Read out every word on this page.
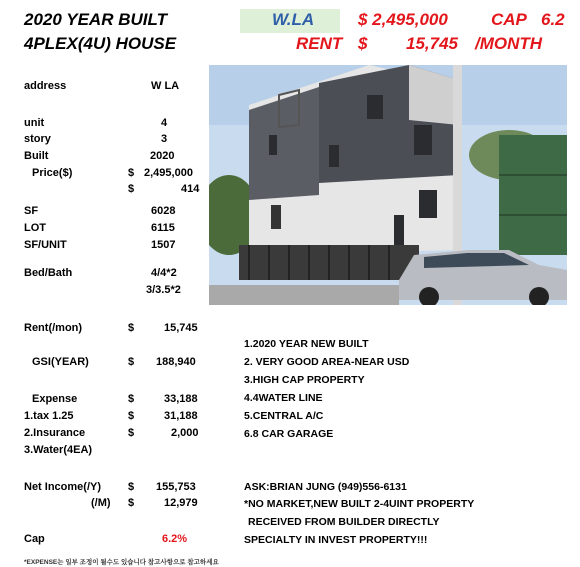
2020 YEAR BUILT
4PLEX(4U) HOUSE
W.LA	$ 2,495,000	CAP 6.2
RENT $ 15,745 /MONTH
address	W LA
unit	4
story	3
Built	2020
Price($)	$ 2,495,000
$	414
SF	6028
LOT	6115
SF/UNIT	1507
Bed/Bath	4/4*2
3/3.5*2
Rent(/mon)	$	15,745
GSI(YEAR)	$ 188,940
Expense	$	33,188
1.tax 1.25	$	31,188
2.Insurance	$	2,000
3.Water(4EA)
Net Income(/Y) $ 155,753
(/M) $	12,979
Cap	6.2%
1.2020 YEAR NEW BUILT
2. VERY GOOD AREA-NEAR USD
3.HIGH CAP PROPERTY
4.4WATER LINE
5.CENTRAL A/C
6.8 CAR GARAGE
ASK:BRIAN JUNG (949)556-6131
*NO MARKET,NEW BUILT 2-4UINT PROPERTY
RECEIVED FROM BUILDER DIRECTLY
SPECIALTY IN INVEST PROPERTY!!!
*EXPENSE는 일부 조정이 될수도 있습니다 참고사항으로 참고하세요
